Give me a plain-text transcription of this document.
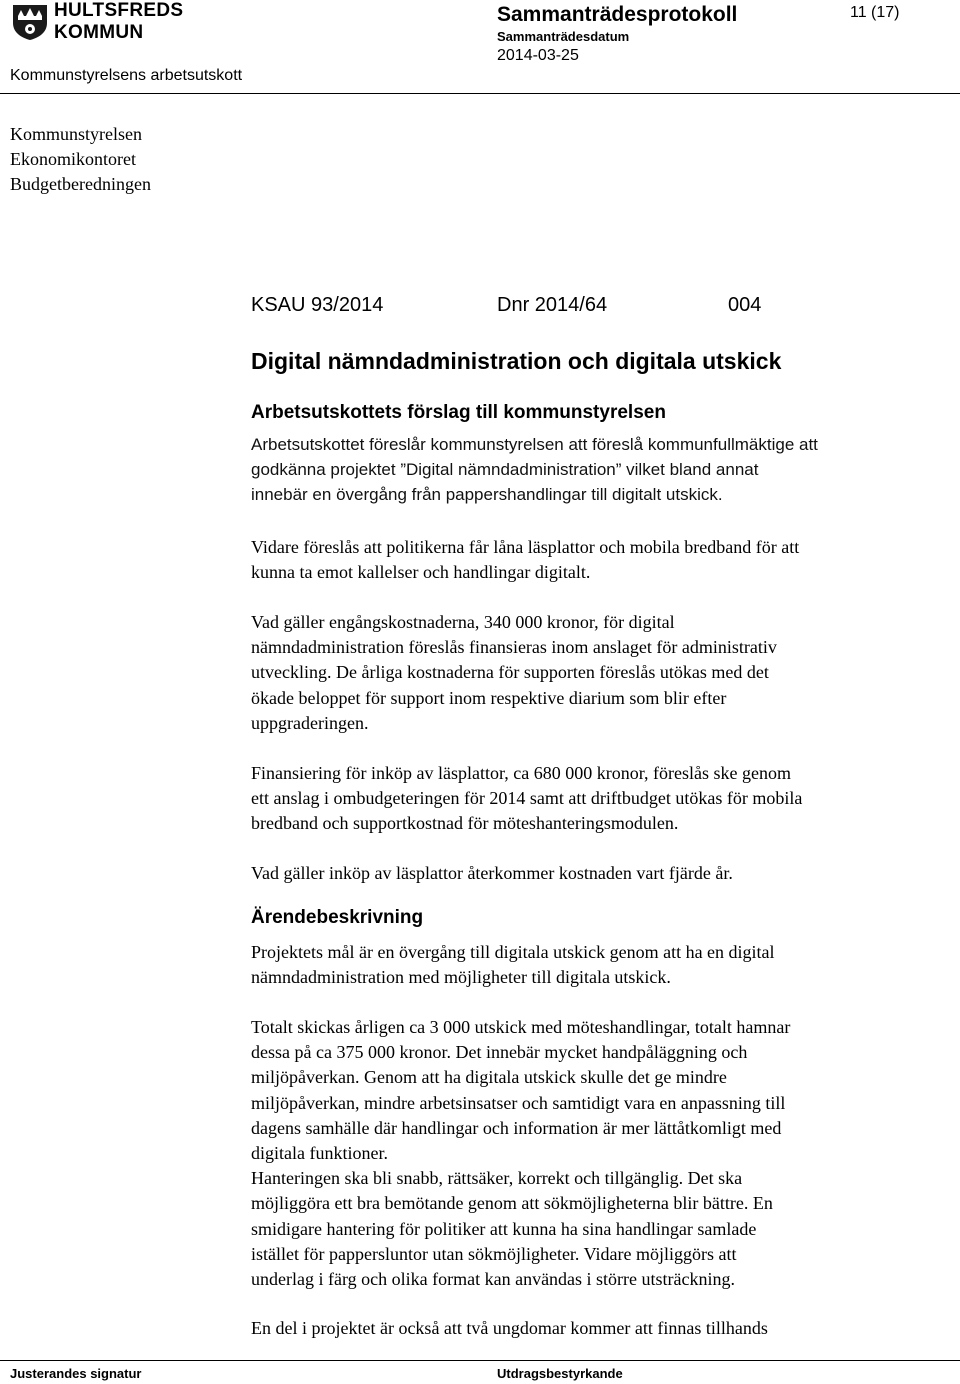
HULTSFREDS
KOMMUN
Sammanträdesprotokoll	11 (17)
Sammanträdesdatum
2014-03-25
Kommunstyrelsens arbetsutskott
Kommunstyrelsen
Ekonomikontoret
Budgetberedningen
KSAU 93/2014	Dnr 2014/64	004
Digital nämndadministration och digitala utskick
Arbetsutskottets förslag till kommunstyrelsen
Arbetsutskottet föreslår kommunstyrelsen att föreslå kommunfullmäktige att
godkänna projektet ”Digital nämndadministration” vilket bland annat
innebär en övergång från pappershandlingar till digitalt utskick.
Vidare föreslås att politikerna får låna läsplattor och mobila bredband för att
kunna ta emot kallelser och handlingar digitalt.
Vad gäller engångskostnaderna, 340 000 kronor, för digital
nämndadministration föreslås finansieras inom anslaget för administrativ
utveckling. De årliga kostnaderna för supporten föreslås utökas med det
ökade beloppet för support inom respektive diarium som blir efter
uppgraderingen.
Finansiering för inköp av läsplattor, ca 680 000 kronor, föreslås ske genom
ett anslag i ombudgeteringen för 2014 samt att driftbudget utökas för mobila
bredband och supportkostnad för möteshanteringsmodulen.
Vad gäller inköp av läsplattor återkommer kostnaden vart fjärde år.
Ärendebeskrivning
Projektets mål är en övergång till digitala utskick genom att ha en digital
nämndadministration med möjligheter till digitala utskick.
Totalt skickas årligen ca 3 000 utskick med möteshandlingar, totalt hamnar
dessa på ca 375 000 kronor. Det innebär mycket handpåläggning och
miljöpåverkan. Genom att ha digitala utskick skulle det ge mindre
miljöpåverkan, mindre arbetsinsatser och samtidigt vara en anpassning till
dagens samhälle där handlingar och information är mer lättåtkomligt med
digitala funktioner.
Hanteringen ska bli snabb, rättsäker, korrekt och tillgänglig. Det ska
möjliggöra ett bra bemötande genom att sökmöjligheterna blir bättre. En
smidigare hantering för politiker att kunna ha sina handlingar samlade
istället för pappersluntor utan sökmöjligheter. Vidare möjliggörs att
underlag i färg och olika format kan användas i större utsträckning.
En del i projektet är också att två ungdomar kommer att finnas tillhands
Justerandes signatur	Utdragsbestyrkande
